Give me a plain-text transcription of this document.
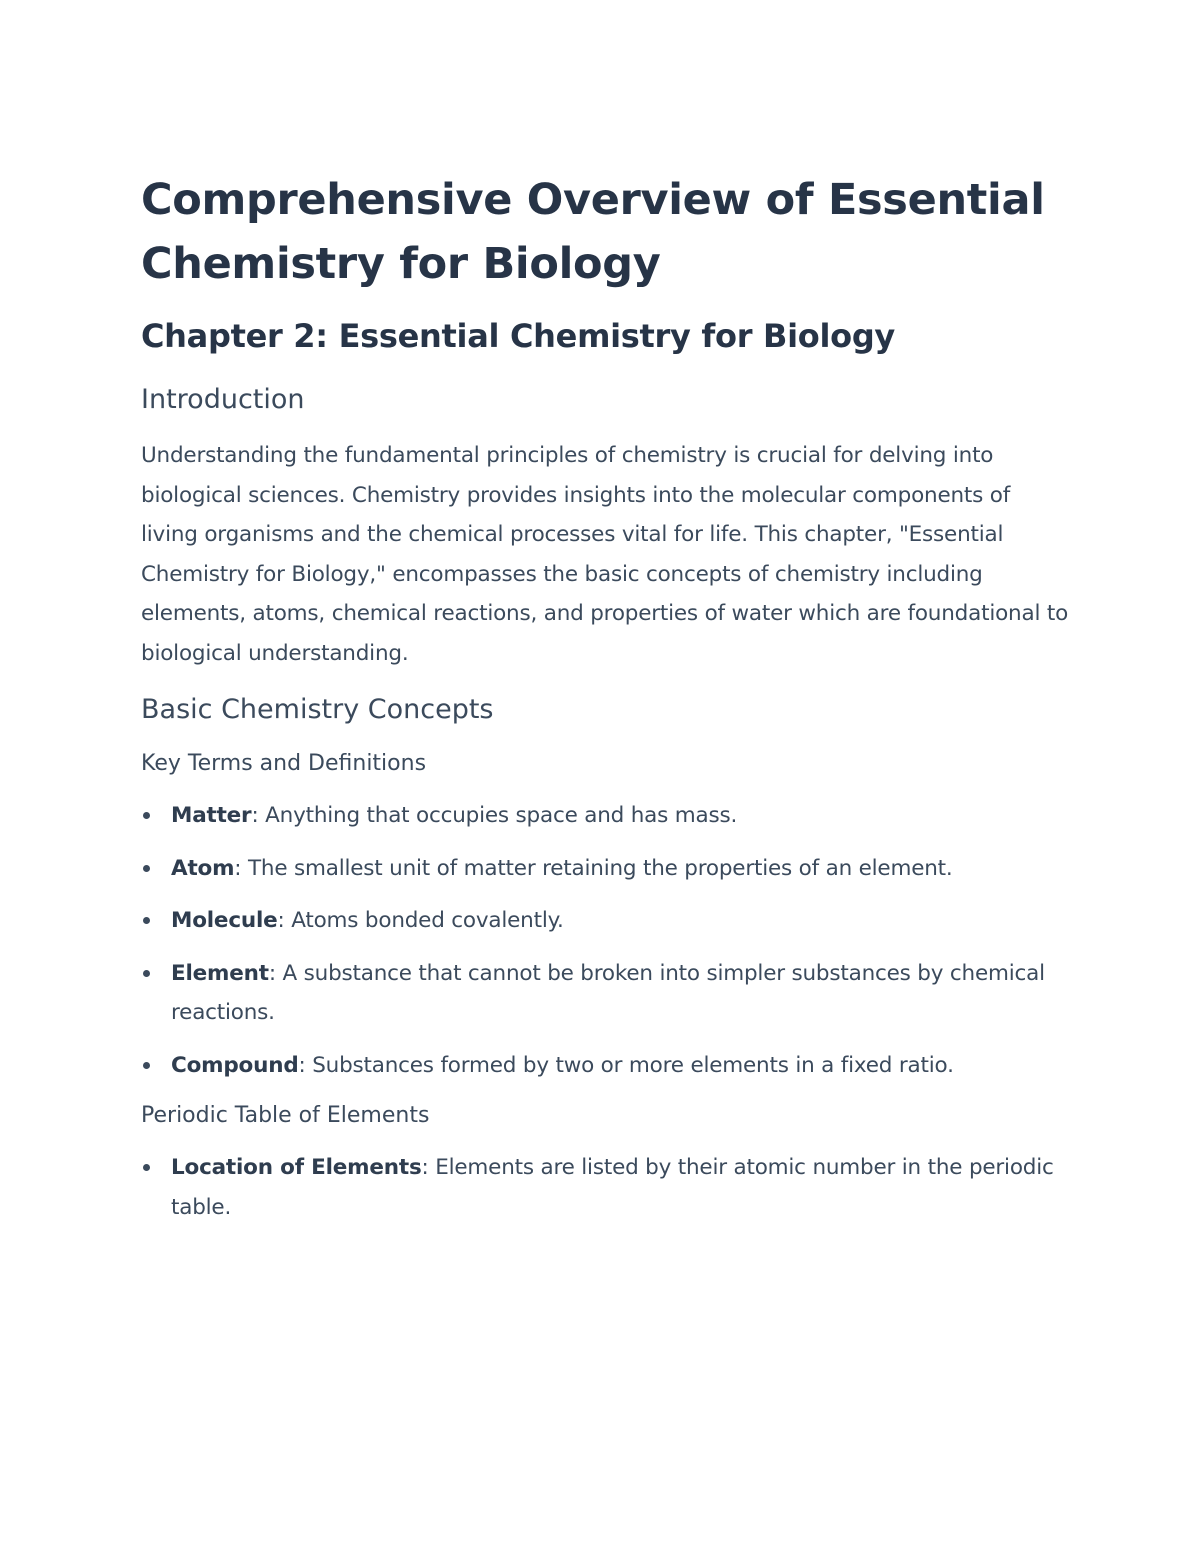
Comprehensive Overview of Essential Chemistry for Biology
Chapter 2: Essential Chemistry for Biology
Introduction

Understanding the fundamental principles of chemistry is crucial for delving into biological sciences. Chemistry provides insights into the molecular components of living organisms and the chemical processes vital for life. This chapter, "Essential Chemistry for Biology," encompasses the basic concepts of chemistry including elements, atoms, chemical reactions, and properties of water which are foundational to biological understanding.

Basic Chemistry Concepts
Key Terms and Definitions
Matter: Anything that occupies space and has mass.
Atom: The smallest unit of matter retaining the properties of an element.
Molecule: Atoms bonded covalently.
Element: A substance that cannot be broken into simpler substances by chemical reactions.
Compound: Substances formed by two or more elements in a fixed ratio.
Periodic Table of Elements
Location of Elements: Elements are listed by their atomic number in the periodic table.
